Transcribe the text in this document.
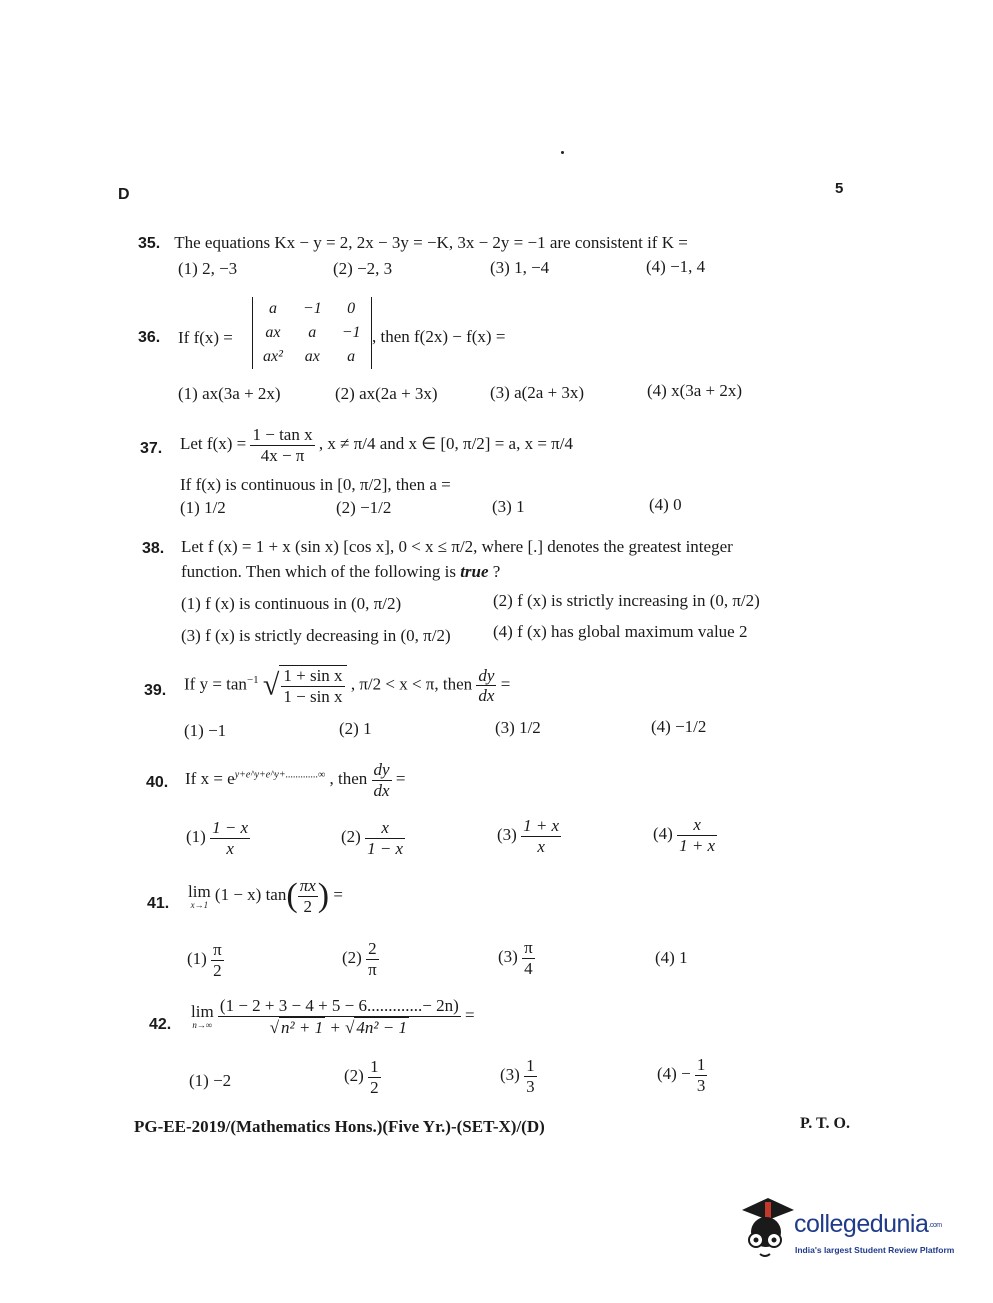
D	5
35. The equations Kx − y = 2, 2x − 3y = −K, 3x − 2y = −1 are consistent if K =
(1) 2, −3	(2) −2, 3	(3) 1, −4	(4) −1, 4
36. If f(x) =
a	−1	0
ax	a	−1
ax²	ax	a
, then f(2x) − f(x) =
(1) ax(3a + 2x)	(2) ax(2a + 3x)	(3) a(2a + 3x)	(4) x(3a + 2x)
37. Let $f(x) = \frac{\text{1 − tan x}}{4x - \pi}$ , x ≠ π/4 and x ∈ [0, π/2] = a, x = π/4
If f(x) is continuous in [0, π/2], then a =
(1) 1/2	(2) −1/2	(3) 1	(4) 0
38. Let f (x) = 1 + x (sin x) [cos x], 0 < x ≤ π/2, where [.] denotes the greatest integer
function. Then which of the following is true ?
(1) f (x) is continuous in (0, π/2)	(2) f (x) is strictly increasing in (0, π/2)
(3) f (x) is strictly decreasing in (0, π/2) (4) f (x) has global maximum value 2
39. If $y = \tan^{-1}$ √ $\frac{\text{1 + sin x}}{\text{1 − sin x}}$ , π/2 < x < π, then $\frac{dy}{dx}$ =
(1) −1	(2) 1	(3) 1/2	(4) −1/2
40. If $x = e^{y+e\^{}y+e\^{}y+.............\infty}$ , then $\frac{dy}{dx}$ =
$(1) \frac{1 - x}{x}$	$(2) \frac{x}{1 - x}$	$(3) \frac{1 + x}{x}$	$(4) \frac{x}{1 + x}$
41.
lim
x→1
(1 − x) $\tan( \frac{\pi x}{2}$ ) =
$(1) \frac{\pi}{2}$	$(2) \frac{2}{\pi}$	$(3) \frac{\pi}{4}$	(4) 1
42.
lim
n→∞
$\frac{(1 - 2 + 3 - 4 + 5 - 6.............- 2n)}{\text{√ n² + 1 + √ 4n² − 1}}$ =
(1) −2	$(2) \frac{1}{2}$	$(3) \frac{1}{3}$	$(4) - \frac{1}{3}$
PG-EE-2019/(Mathematics Hons.)(Five Yr.)-(SET-X)/(D)	P. T. O.
collegedunia.com
India's largest Student Review Platform
